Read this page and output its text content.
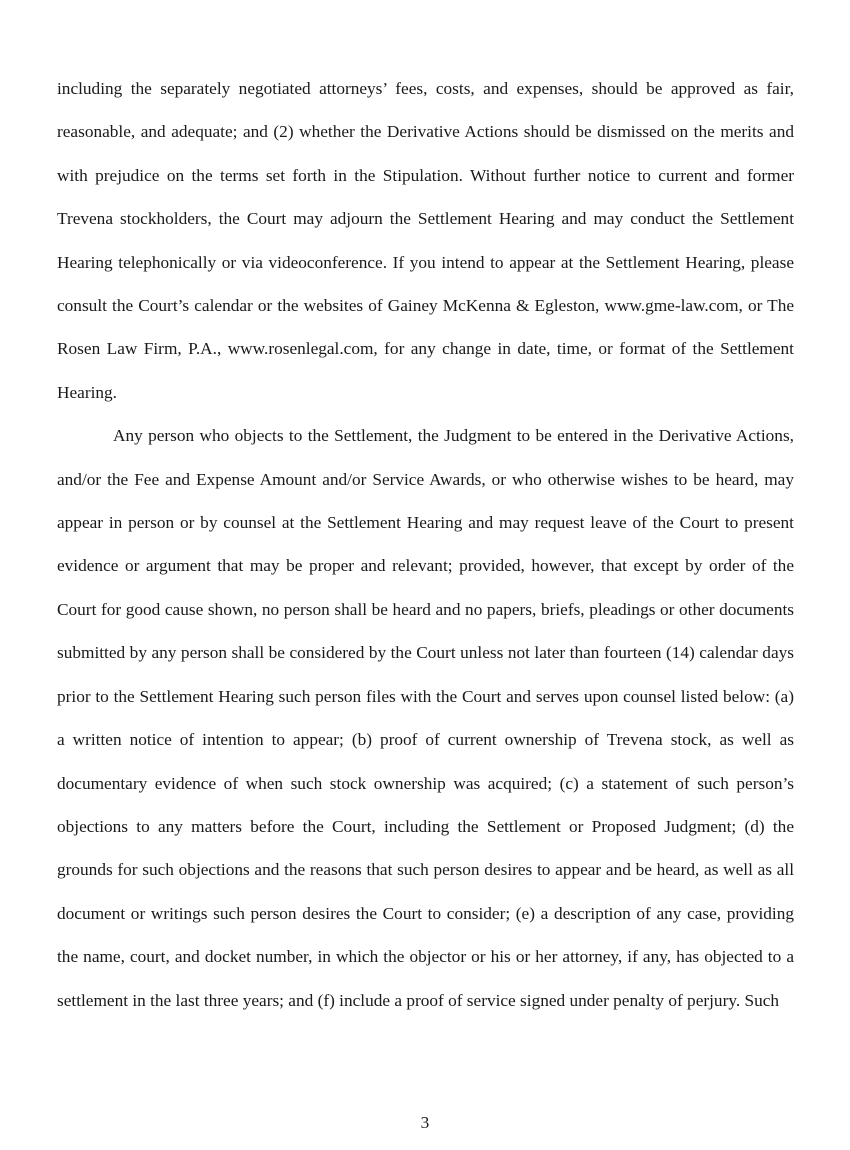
including the separately negotiated attorneys’ fees, costs, and expenses, should be approved as fair, reasonable, and adequate; and (2) whether the Derivative Actions should be dismissed on the merits and with prejudice on the terms set forth in the Stipulation. Without further notice to current and former Trevena stockholders, the Court may adjourn the Settlement Hearing and may conduct the Settlement Hearing telephonically or via videoconference. If you intend to appear at the Settlement Hearing, please consult the Court’s calendar or the websites of Gainey McKenna & Egleston, www.gme-law.com, or The Rosen Law Firm, P.A., www.rosenlegal.com, for any change in date, time, or format of the Settlement Hearing.

Any person who objects to the Settlement, the Judgment to be entered in the Derivative Actions, and/or the Fee and Expense Amount and/or Service Awards, or who otherwise wishes to be heard, may appear in person or by counsel at the Settlement Hearing and may request leave of the Court to present evidence or argument that may be proper and relevant; provided, however, that except by order of the Court for good cause shown, no person shall be heard and no papers, briefs, pleadings or other documents submitted by any person shall be considered by the Court unless not later than fourteen (14) calendar days prior to the Settlement Hearing such person files with the Court and serves upon counsel listed below: (a) a written notice of intention to appear; (b) proof of current ownership of Trevena stock, as well as documentary evidence of when such stock ownership was acquired; (c) a statement of such person’s objections to any matters before the Court, including the Settlement or Proposed Judgment; (d) the grounds for such objections and the reasons that such person desires to appear and be heard, as well as all document or writings such person desires the Court to consider; (e) a description of any case, providing the name, court, and docket number, in which the objector or his or her attorney, if any, has objected to a settlement in the last three years; and (f) include a proof of service signed under penalty of perjury. Such

3
